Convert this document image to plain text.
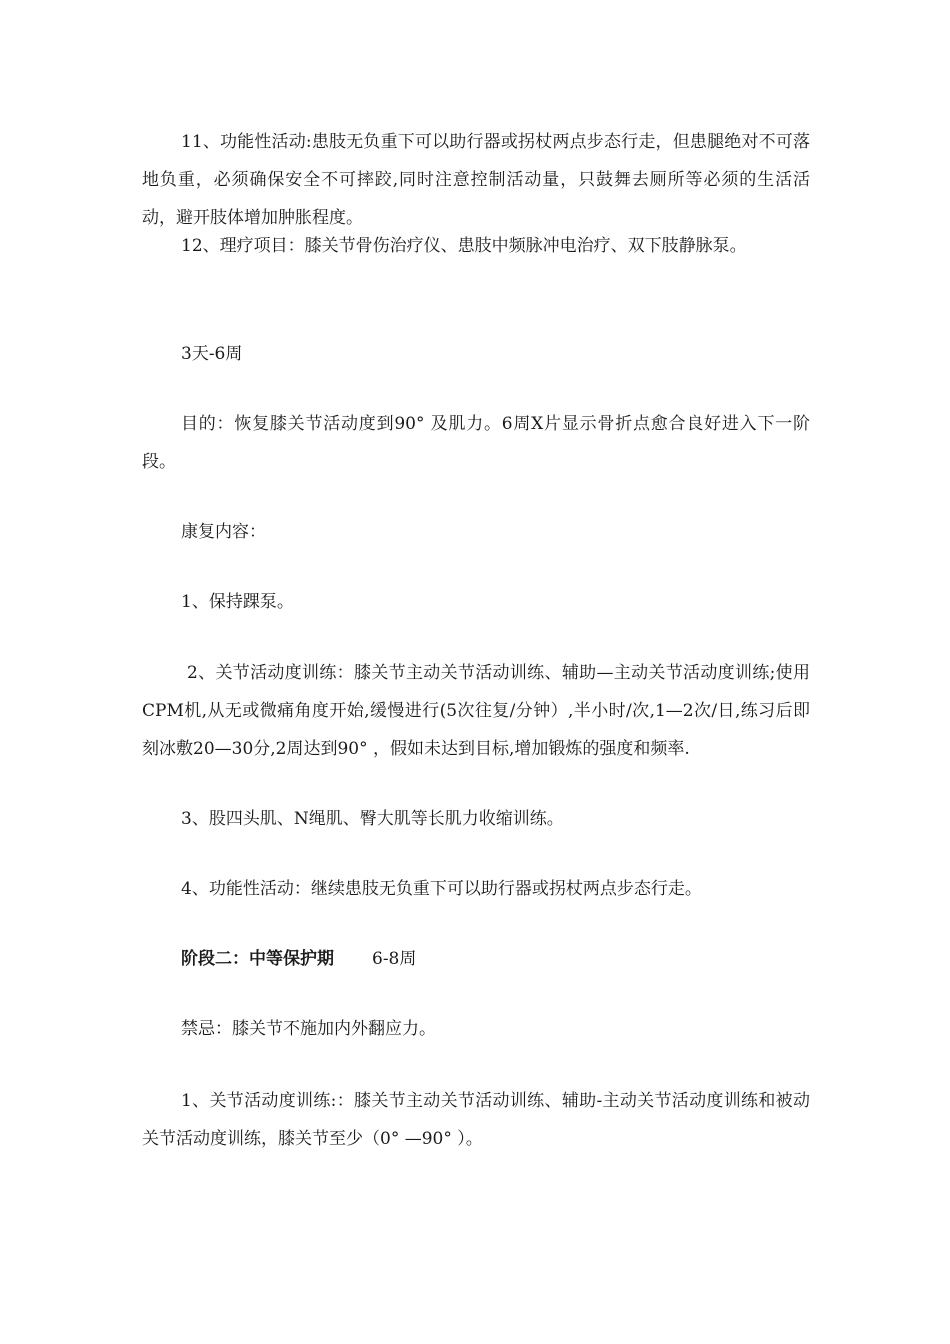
11、功能性活动:患肢无负重下可以助行器或拐杖两点步态行走，但患腿绝对不可落地负重，必须确保安全不可摔跤,同时注意控制活动量，只鼓舞去厕所等必须的生活活动，避开肢体增加肿胀程度。

12、理疗项目：膝关节骨伤治疗仪、患肢中频脉冲电治疗、双下肢静脉泵。

3天-6周

目的：恢复膝关节活动度到90° 及肌力。6周X片显示骨折点愈合良好进入下一阶段。

康复内容：

1、保持踝泵。

2、关节活动度训练：膝关节主动关节活动训练、辅助—主动关节活动度训练;使用CPM机,从无或微痛角度开始,缓慢进行(5次往复/分钟）,半小时/次,1—2次/日,练习后即刻冰敷20—30分,2周达到90° ，假如未达到目标,增加锻炼的强度和频率.

3、股四头肌、N绳肌、臀大肌等长肌力收缩训练。

4、功能性活动：继续患肢无负重下可以助行器或拐杖两点步态行走。

阶段二：中等保护期 6-8周

禁忌：膝关节不施加内外翻应力。

1、关节活动度训练:：膝关节主动关节活动训练、辅助-主动关节活动度训练和被动关节活动度训练，膝关节至少（0° —90° ）。
